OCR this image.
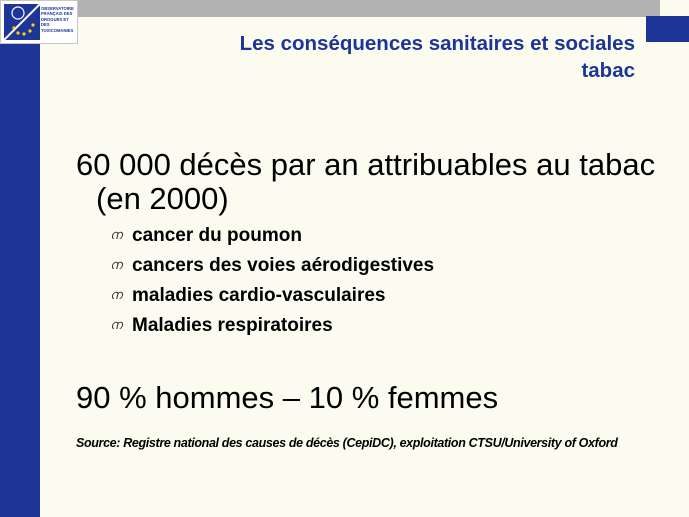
OBSERVATOIRE
FRANÇAIS DES
DROGUES ET DES
TOXICOMANIES
Les conséquences sanitaires et sociales
tabac
60 000 décès par an attribuables au tabac
(en 2000)
ന cancer du poumon
ന cancers des voies aérodigestives
ന maladies cardio-vasculaires
ന Maladies respiratoires
90 % hommes – 10 % femmes
Source: Registre national des causes de décès (CepiDC), exploitation CTSU/University of Oxford
